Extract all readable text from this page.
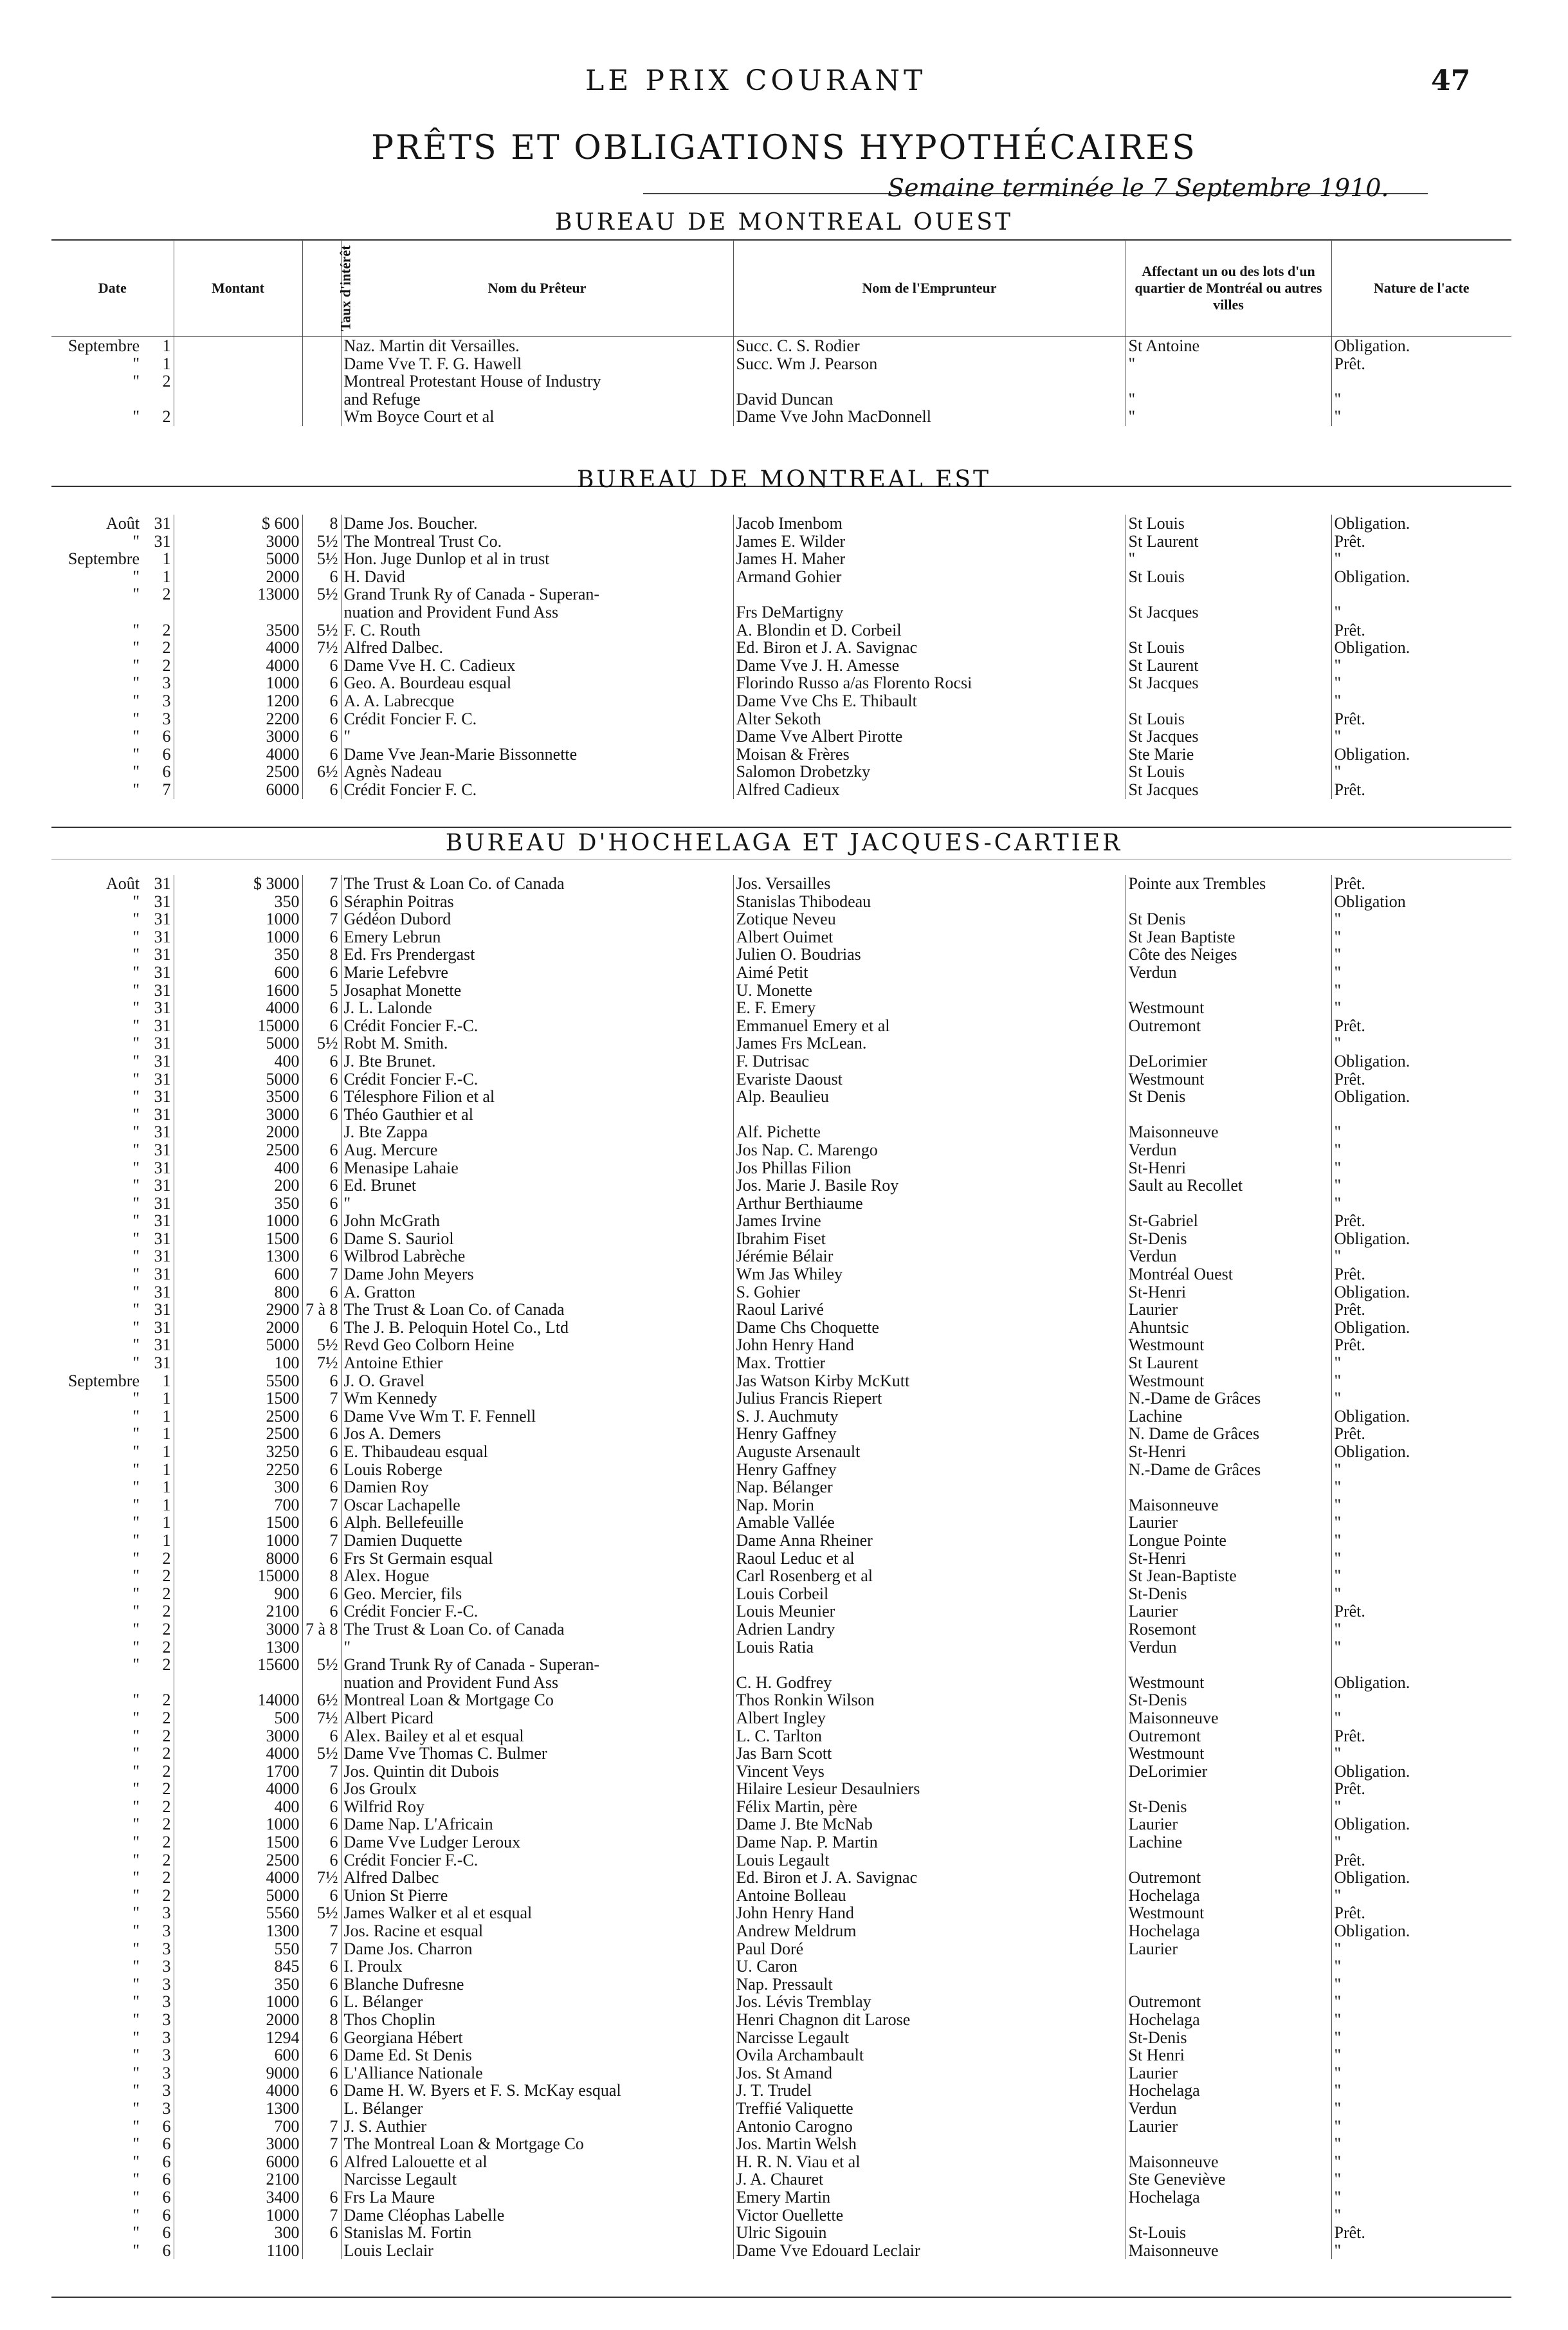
LE PRIX COURANT	47
PRÊTS ET OBLIGATIONS HYPOTHÉCAIRES
Semaine terminée le 7 Septembre 1910.
BUREAU DE MONTREAL OUEST
Date	Montant	Taux d'intérêt	Nom du Prêteur	Nom de l'Emprunteur	Affectant un ou des lots d'un quartier de Montréal ou autres villes	Nature de l'acte
Septembre 1			Naz. Martin dit Versailles.	Succ. C. S. Rodier	St Antoine	Obligation.
" 1			Dame Vve T. F. G. Hawell	Succ. Wm J. Pearson	"	Prêt.
" 2			Montreal Protestant House of Industry			
			and Refuge	David Duncan	"	"
" 2			Wm Boyce Court et al	Dame Vve John MacDonnell	"	"
BUREAU DE MONTREAL EST
Août 31	$ 600	8	Dame Jos. Boucher.	Jacob Imenbom	St Louis	Obligation.
" 31	3000	5½	The Montreal Trust Co.	James E. Wilder	St Laurent	Prêt.
Septembre 1	5000	5½	Hon. Juge Dunlop et al in trust	James H. Maher	"	"
" 1	2000	6	H. David	Armand Gohier	St Louis	Obligation.
" 2	13000	5½	Grand Trunk Ry of Canada - Superan-			
			nuation and Provident Fund Ass	Frs DeMartigny	St Jacques	"
" 2	3500	5½	F. C. Routh	A. Blondin et D. Corbeil		Prêt.
" 2	4000	7½	Alfred Dalbec.	Ed. Biron et J. A. Savignac	St Louis	Obligation.
" 2	4000	6	Dame Vve H. C. Cadieux	Dame Vve J. H. Amesse	St Laurent	"
" 3	1000	6	Geo. A. Bourdeau esqual	Florindo Russo a/as Florento Rocsi	St Jacques	"
" 3	1200	6	A. A. Labrecque	Dame Vve Chs E. Thibault		"
" 3	2200	6	Crédit Foncier F. C.	Alter Sekoth	St Louis	Prêt.
" 6	3000	6	"	Dame Vve Albert Pirotte	St Jacques	"
" 6	4000	6	Dame Vve Jean-Marie Bissonnette	Moisan & Frères	Ste Marie	Obligation.
" 6	2500	6½	Agnès Nadeau	Salomon Drobetzky	St Louis	"
" 7	6000	6	Crédit Foncier F. C.	Alfred Cadieux	St Jacques	Prêt.
BUREAU D'HOCHELAGA ET JACQUES-CARTIER
Août 31	$ 3000	7	The Trust & Loan Co. of Canada	Jos. Versailles	Pointe aux Trembles	Prêt.
" 31	350	6	Séraphin Poitras	Stanislas Thibodeau		Obligation
" 31	1000	7	Gédéon Dubord	Zotique Neveu	St Denis	"
" 31	1000	6	Emery Lebrun	Albert Ouimet	St Jean Baptiste	"
" 31	350	8	Ed. Frs Prendergast	Julien O. Boudrias	Côte des Neiges	"
" 31	600	6	Marie Lefebvre	Aimé Petit	Verdun	"
" 31	1600	5	Josaphat Monette	U. Monette		"
" 31	4000	6	J. L. Lalonde	E. F. Emery	Westmount	"
" 31	15000	6	Crédit Foncier F.-C.	Emmanuel Emery et al	Outremont	Prêt.
" 31	5000	5½	Robt M. Smith.	James Frs McLean.		"
" 31	400	6	J. Bte Brunet.	F. Dutrisac	DeLorimier	Obligation.
" 31	5000	6	Crédit Foncier F.-C.	Evariste Daoust	Westmount	Prêt.
" 31	3500	6	Télesphore Filion et al	Alp. Beaulieu	St Denis	Obligation.
" 31	3000	6	Théo Gauthier et al			
" 31	2000		J. Bte Zappa	Alf. Pichette	Maisonneuve	"
" 31	2500	6	Aug. Mercure	Jos Nap. C. Marengo	Verdun	"
" 31	400	6	Menasipe Lahaie	Jos Phillas Filion	St-Henri	"
" 31	200	6	Ed. Brunet	Jos. Marie J. Basile Roy	Sault au Recollet	"
" 31	350	6	"	Arthur Berthiaume		"
" 31	1000	6	John McGrath	James Irvine	St-Gabriel	Prêt.
" 31	1500	6	Dame S. Sauriol	Ibrahim Fiset	St-Denis	Obligation.
" 31	1300	6	Wilbrod Labrèche	Jérémie Bélair	Verdun	"
" 31	600	7	Dame John Meyers	Wm Jas Whiley	Montréal Ouest	Prêt.
" 31	800	6	A. Gratton	S. Gohier	St-Henri	Obligation.
" 31	2900	7 à 8	The Trust & Loan Co. of Canada	Raoul Larivé	Laurier	Prêt.
" 31	2000	6	The J. B. Peloquin Hotel Co., Ltd	Dame Chs Choquette	Ahuntsic	Obligation.
" 31	5000	5½	Revd Geo Colborn Heine	John Henry Hand	Westmount	Prêt.
" 31	100	7½	Antoine Ethier	Max. Trottier	St Laurent	"
Septembre 1	5500	6	J. O. Gravel	Jas Watson Kirby McKutt	Westmount	"
" 1	1500	7	Wm Kennedy	Julius Francis Riepert	N.-Dame de Grâces	"
" 1	2500	6	Dame Vve Wm T. F. Fennell	S. J. Auchmuty	Lachine	Obligation.
" 1	2500	6	Jos A. Demers	Henry Gaffney	N. Dame de Grâces	Prêt.
" 1	3250	6	E. Thibaudeau esqual	Auguste Arsenault	St-Henri	Obligation.
" 1	2250	6	Louis Roberge	Henry Gaffney	N.-Dame de Grâces	"
" 1	300	6	Damien Roy	Nap. Bélanger		"
" 1	700	7	Oscar Lachapelle	Nap. Morin	Maisonneuve	"
" 1	1500	6	Alph. Bellefeuille	Amable Vallée	Laurier	"
" 1	1000	7	Damien Duquette	Dame Anna Rheiner	Longue Pointe	"
" 2	8000	6	Frs St Germain esqual	Raoul Leduc et al	St-Henri	"
" 2	15000	8	Alex. Hogue	Carl Rosenberg et al	St Jean-Baptiste	"
" 2	900	6	Geo. Mercier, fils	Louis Corbeil	St-Denis	"
" 2	2100	6	Crédit Foncier F.-C.	Louis Meunier	Laurier	Prêt.
" 2	3000	7 à 8	The Trust & Loan Co. of Canada	Adrien Landry	Rosemont	"
" 2	1300		"	Louis Ratia	Verdun	"
" 2	15600	5½	Grand Trunk Ry of Canada - Superan-			
			nuation and Provident Fund Ass	C. H. Godfrey	Westmount	Obligation.
" 2	14000	6½	Montreal Loan & Mortgage Co	Thos Ronkin Wilson	St-Denis	"
" 2	500	7½	Albert Picard	Albert Ingley	Maisonneuve	"
" 2	3000	6	Alex. Bailey et al et esqual	L. C. Tarlton	Outremont	Prêt.
" 2	4000	5½	Dame Vve Thomas C. Bulmer	Jas Barn Scott	Westmount	"
" 2	1700	7	Jos. Quintin dit Dubois	Vincent Veys	DeLorimier	Obligation.
" 2	4000	6	Jos Groulx	Hilaire Lesieur Desaulniers		Prêt.
" 2	400	6	Wilfrid Roy	Félix Martin, père	St-Denis	"
" 2	1000	6	Dame Nap. L'Africain	Dame J. Bte McNab	Laurier	Obligation.
" 2	1500	6	Dame Vve Ludger Leroux	Dame Nap. P. Martin	Lachine	"
" 2	2500	6	Crédit Foncier F.-C.	Louis Legault		Prêt.
" 2	4000	7½	Alfred Dalbec	Ed. Biron et J. A. Savignac	Outremont	Obligation.
" 2	5000	6	Union St Pierre	Antoine Bolleau	Hochelaga	"
" 3	5560	5½	James Walker et al et esqual	John Henry Hand	Westmount	Prêt.
" 3	1300	7	Jos. Racine et esqual	Andrew Meldrum	Hochelaga	Obligation.
" 3	550	7	Dame Jos. Charron	Paul Doré	Laurier	"
" 3	845	6	I. Proulx	U. Caron		"
" 3	350	6	Blanche Dufresne	Nap. Pressault		"
" 3	1000	6	L. Bélanger	Jos. Lévis Tremblay	Outremont	"
" 3	2000	8	Thos Choplin	Henri Chagnon dit Larose	Hochelaga	"
" 3	1294	6	Georgiana Hébert	Narcisse Legault	St-Denis	"
" 3	600	6	Dame Ed. St Denis	Ovila Archambault	St Henri	"
" 3	9000	6	L'Alliance Nationale	Jos. St Amand	Laurier	"
" 3	4000	6	Dame H. W. Byers et F. S. McKay esqual	J. T. Trudel	Hochelaga	"
" 3	1300		L. Bélanger	Treffié Valiquette	Verdun	"
" 6	700	7	J. S. Authier	Antonio Carogno	Laurier	"
" 6	3000	7	The Montreal Loan & Mortgage Co	Jos. Martin Welsh		"
" 6	6000	6	Alfred Lalouette et al	H. R. N. Viau et al	Maisonneuve	"
" 6	2100		Narcisse Legault	J. A. Chauret	Ste Geneviève	"
" 6	3400	6	Frs La Maure	Emery Martin	Hochelaga	"
" 6	1000	7	Dame Cléophas Labelle	Victor Ouellette		"
" 6	300	6	Stanislas M. Fortin	Ulric Sigouin	St-Louis	Prêt.
" 6	1100		Louis Leclair	Dame Vve Edouard Leclair	Maisonneuve	"
